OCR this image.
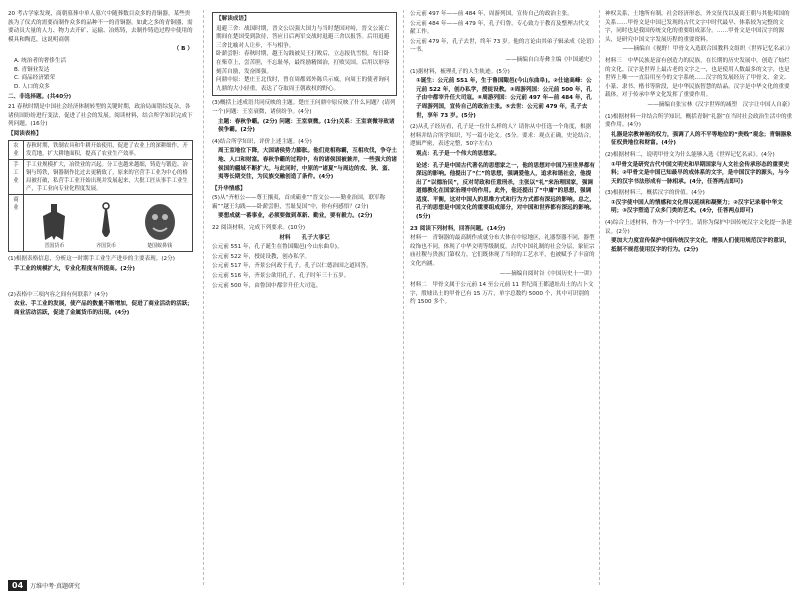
20 考古学家发现，商朝墓葬中单人墓穴中随葬数目众多的青铜器。某些贵族为了仪式的需要而制作众多的品种不一的青铜器。如此之多的青铜器，需要动员大量的人力、物力去开矿、运输、冶炼铸，去制作铸造过程中使用的模具和陶范，这说明商朝
（ B ）
A. 统治者的奢侈生活
B. 青铜业发达
C. 商品经济繁荣
D. 人口的众多
二、非选择题。(共40分)
21 春秋时期是中国社会经济体制转型的关键时期，政治局面错综复杂，各诸侯国纷纷进行变法，促进了社会的发展。阅读材料，结合所学知识完成下列问题。(16分)
【阅读表格】
农业	春秋时期，铁制农具和牛耕开始使用，促进了农业上的深耕细作，开发荒地，扩大耕地面积，提高了农业生产效率。
手工业	手工业规模扩大，冶铁业的兴起。分工也越来越细，铸造与锻造、冶铜与铸铁，铜器制作比过去更精致了，原来的官营手工业为中心的格局被打破，私营手工业开始出现并发展起来，大批工匠从事手工业生产，手工业向专业化程度发展。
商业	晋国货币 齐国货币 楚国蚁鼻钱
(1)根据表格信息，分析这一时期手工业生产进步的主要表现。(2分)
手工业的规模扩大，专业化程度有所提高。(2分)
(2)表格中三项内容之间有何联系？(4分)
农业、手工业的发展，使产品的数量不断增加，促进了商业活动的活跃；商业活动活跃，促进了金属货币的出现。(4分)
【解读成语】
退避三舍：战国时期，晋文公以强大国力与当时楚国对峙，晋文公流亡期间在楚国受到款待，答应日后两军交战时退避三舍以报答。后用退避三舍比喻对人让步，不与相争。
卧薪尝胆：春秋时期，越王勾践被吴王打败后，立志报仇雪恨，每日卧在柴草上，尝苦胆，不忘耻辱，最终励精图治，打败吴国。后用以形容刻苦自励，发奋图强。
问鼎中原：楚庄王北伐时，曾在周都郊外陈兵示威，向周王的使者询问九鼎的大小轻重，表达了夺取周王朝政权的野心。
(3)概括上述成语共同反映的主题。楚庄王问鼎中原反映了什么问题？(请列一个)问题：王室衰微，诸侯纷争。(4分)
主题：春秋争霸。(2分) 问题：王室衰微。(1分)关系：王室衰微导致诸侯争霸。(2分)
(4)结合所学知识，评价上述主题。(4分)
周王室地位下降，大国诸侯势力膨胀。他们竞相称霸，互相攻伐，争夺土地、人口和财富。春秋争霸的过程中，有的诸侯国被兼并，一些强大的诸侯国的疆域不断扩大。与此同时，中原的“诸夏”与周边的戎、狄、蛮、夷等长期交往，为民族交融创造了条件。(4分)
【升华情感】
(5)从“齐桓公——尊王攘夷，首成霸业”“晋文公——勤业治国，联军称霸”“越王勾践——卧薪尝胆，雪耻复国”中，你有何感悟？(2分)
要想成就一番事业，必须要做到革新、勤业，要有毅力。(2分)
22 阅读材料，完成下列要求。(10分)
材料　　孔子大事记
公元前 551 年，孔子诞生在鲁国陬邑(今山东曲阜)。
公元前 522 年，授徒设教，创办私学。
公元前 517 年，齐景公问政于孔子，孔子以仁德治国之道回答。
公元前 516 年，齐景公欲用孔子，孔子时年三十五岁。
公元前 500 年，由鲁国中都宰升任大司寇。
公元前 497 年——前 484 年，周游列国，宣传自己的政治主张。
公元前 484 年——前 479 年，孔子归鲁，专心致力于教育及整理古代文献工作。
公元前 479 年，孔子去世，终年 73 岁。他的言论由其弟子辑录成《论语》一书。
——摘编自白寿彝主编《中国通史》
(1)据材料，梳理孔子的人生轨迹。(5分)
①诞生：公元前 551 年，生于鲁国陬邑(今山东曲阜)。②仕途高峰：公元前 522 年，创办私学，授徒设教。③周游列国：公元前 500 年，孔子由中都宰升任大司寇。④周游列国：公元前 497 年—前 484 年，孔子周游列国，宣传自己的政治主张。⑤去世：公元前 479 年，孔子去世，享年 73 岁。(5分)
(2)从孔子经历看，孔子是一位什么样的人？请你从中任选一个角度，根据材料并结合所学知识，写一篇小论文。(5分。要求：观点正确，史论结合，逻辑严密，表述完整，50字左右)
观点：孔子是一个伟大的思想家。
论述：孔子是中国古代著名的思想家之一，他的思想对中国乃至世界都有深远的影响。他提出了“仁”的思想，强调爱他人，追求和谐社会，他提出了“以德治民”，反对苛政和任意刑杀，主张以“礼”来治理国家，强调道德教化在国家治理中的作用。此外，他还提出了“中庸”的思想，强调适度、平衡，这对中国人的思维方式和行为方式都有深远的影响。总之，孔子的思想是中国文化的重要组成部分，对中国和世界都有深远的影响。(5分)
23 阅读下列材料，回答问题。(14分)
材料一　青铜器的最高制作成就分布大体在中原地区，礼器祭器不同，器型纹饰也不同，体现了中华文明等级制度，古代中国礼制的社会分层，象征宗庙社稷与贵族门第权力，它们既体现了当时的工艺水平，也被赋予了丰富的文化内涵。
——摘编自阅时谷《中国历史十一讲》
材料二　甲骨文属于公元前 14 至公元前 11 世纪商王都遗址出土的占卜文字，殷墟出土的甲骨已有 15 万片，单字总数约 5000 个，其中可识别的约 1500 多个。
神权关系，土地所有制，社会经济形态，外交征伐以及商王朝与其他邦国的关系……甲骨文是中国已发现的古代文字中时代最早、体系较为完整的文字，同时也是我国传统文化的重要组成部分。……甲骨文是中国汉字的源头，是研究中国文字发展历程的重要资料。
——摘编自《视野！甲骨文入选联合国教科文组织〈世界记忆名录〉》
材料三　中华民族是富有创造力的民族，在长期的历史发展中，创造了灿烂的文化。汉字是世界上最古老的文字之一，也是使用人数最多的文字，也是世界上唯一一直沿用至今的文字系统……汉字的发展经历了甲骨文、金文、小篆、隶书、楷书等阶段，是中华民族智慧的结晶。汉字是中华文化的重要载体，对于传承中华文化发挥了重要作用。
——摘编自张宝林《汉字世界的减塑　汉字让中国人自豪》
(1)根据材料一并结合所学知识，概括青铜“礼器”在当时社会政治生活中的重要作用。(4分)
礼器是宗教神秘的权力，强调了人的不平等地位的“贵贱”观念；青铜器象征权贵地位和财富。(4分)
(2)根据材料二，说明甲骨文为什么能够入选《世界记忆名录》。(4分)
①甲骨文是研究古代中国文明史和早期国家与人文社会传承形态的重要史料；②甲骨文是中国已知最早的成体系的文字，是中国汉字的源头，与今天的汉字书法形成有一脉相承。(4分，任答两点即可)
(3)根据材料三，概括汉字的价值。(4分)
①汉字使中国人的情感和文化得以延续和凝聚力；②汉字记录着中华文明；③汉字塑造了众多门类的艺术。(4分，任答两点即可)
(4)综合上述材料，作为一个中学生，请你为保护中国传统汉字文化提一条建议。(2分)
要加大力度宣传保护中国传统汉字文化，增强人们使用规范汉字的意识，抵制不规范使用汉字的行为。(2分)
04	万维中考·真题研究
